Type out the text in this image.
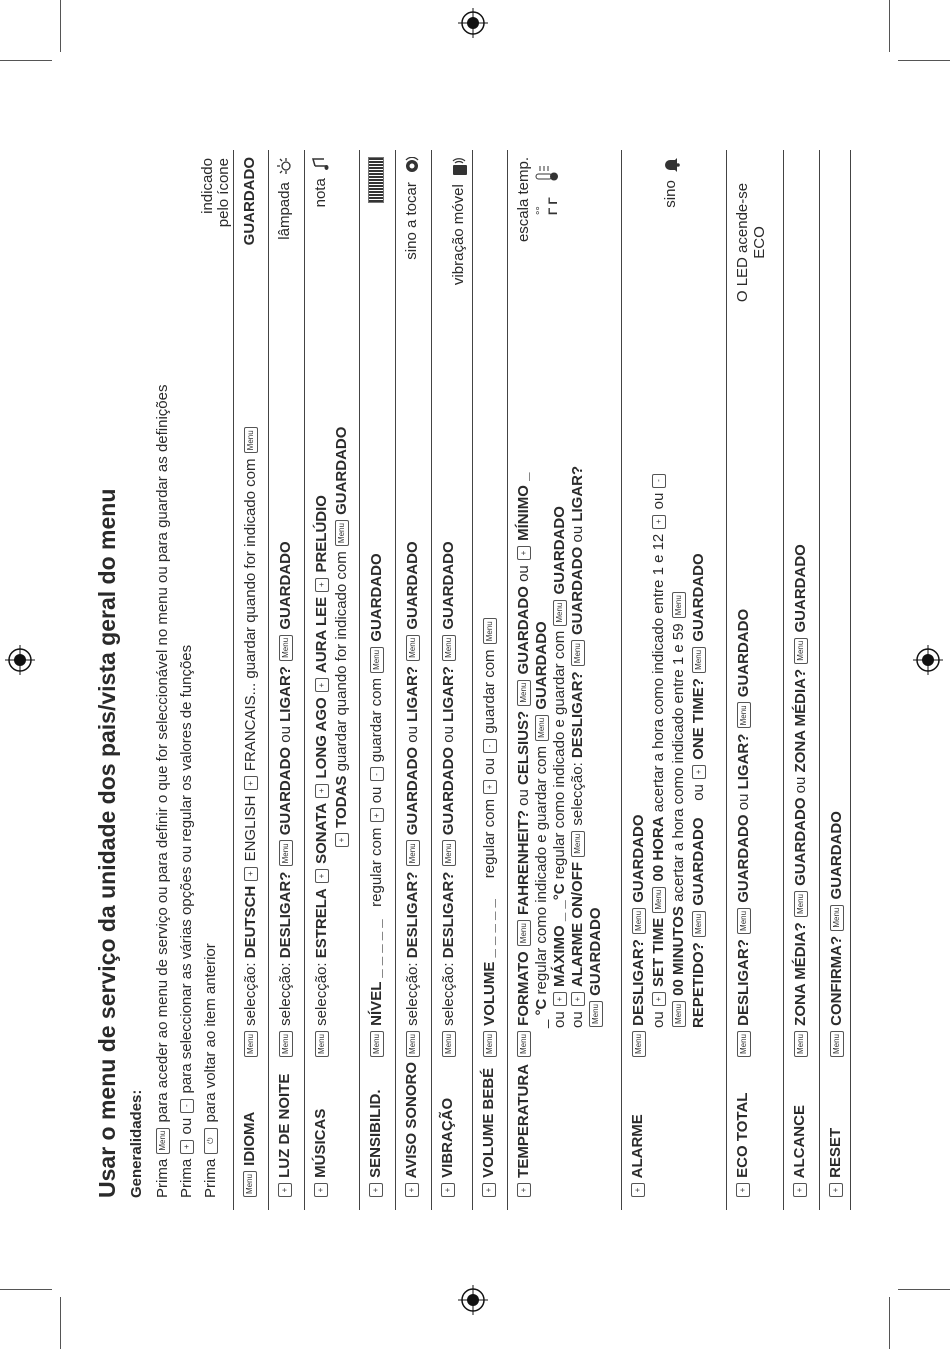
Usar o menu de serviço da unidade dos pais/vista geral do menu Generalidades: Prima Menu para aceder ao menu de serviço ou para definir o que for seleccionável no menu ou para guardar as definições
Prima + ou - para seleccionar as várias opções ou regular os valores de funções
Prima ⏻ para voltar ao item anterior
indicado pelo ícone
Menu IDIOMA
Menu selecção: DEUTSCH + ENGLISH + FRANCAIS... guardar quando for indicado com Menu
GUARDADO
+ LUZ DE NOITE
Menu selecção: DESLIGAR? Menu GUARDADO ou LIGAR? Menu GUARDADO
lâmpada
+ MÚSICAS
Menu selecção: ESTRELA + SONATA + LONG AGO + AURA LEE + PRELÚDIO
+ TODAS guardar quando for indicado com Menu GUARDADO
nota
+ SENSIBILID.
Menu NÍVEL _ _ _ _ _   regular com + ou - guardar com Menu GUARDADO
+ AVISO SONORO
Menu selecção: DESLIGAR? Menu GUARDADO ou LIGAR? Menu GUARDADO
sino a tocar
+ VIBRAÇÃO
Menu selecção: DESLIGAR? Menu GUARDADO ou LIGAR? Menu GUARDADO
vibração móvel
+ VOLUME BEBÉ
Menu VOLUME _ _ _ _ _     regular com + ou - guardar com Menu
+ TEMPERATURA
Menu FORMATO Menu FAHRENHEIT? ou CELSIUS? Menu GUARDADO ou + MÍNIMO _
_ °C regular como indicado e guardar com Menu GUARDADO
ou + MÁXIMO _ _°C regular como indicado e guardar com Menu GUARDADO
ou + ALARME ON/OFF Menu selecção: DESLIGAR? Menu GUARDADO ou LIGAR?
Menu GUARDADO
escala temp. °° Γ Γ
+ ALARME
Menu DESLIGAR? Menu GUARDADO
ou + SET TIME Menu 00 HORA acertar a hora como indicado entre 1 e 12 + ou -
Menu 00 MINUTOS acertar a hora como indicado entre 1 e 59 Menu
REPETIDO? Menu GUARDADO    ou + ONE TIME? Menu GUARDADO
sino
+ ECO TOTAL
Menu DESLIGAR? Menu GUARDADO ou LIGAR? Menu GUARDADO
O LED acende-se ECO
+ ALCANCE
Menu ZONA MÉDIA? Menu GUARDADO ou ZONA MÉDIA? Menu GUARDADO
+ RESET
Menu CONFIRMA? Menu GUARDADO
